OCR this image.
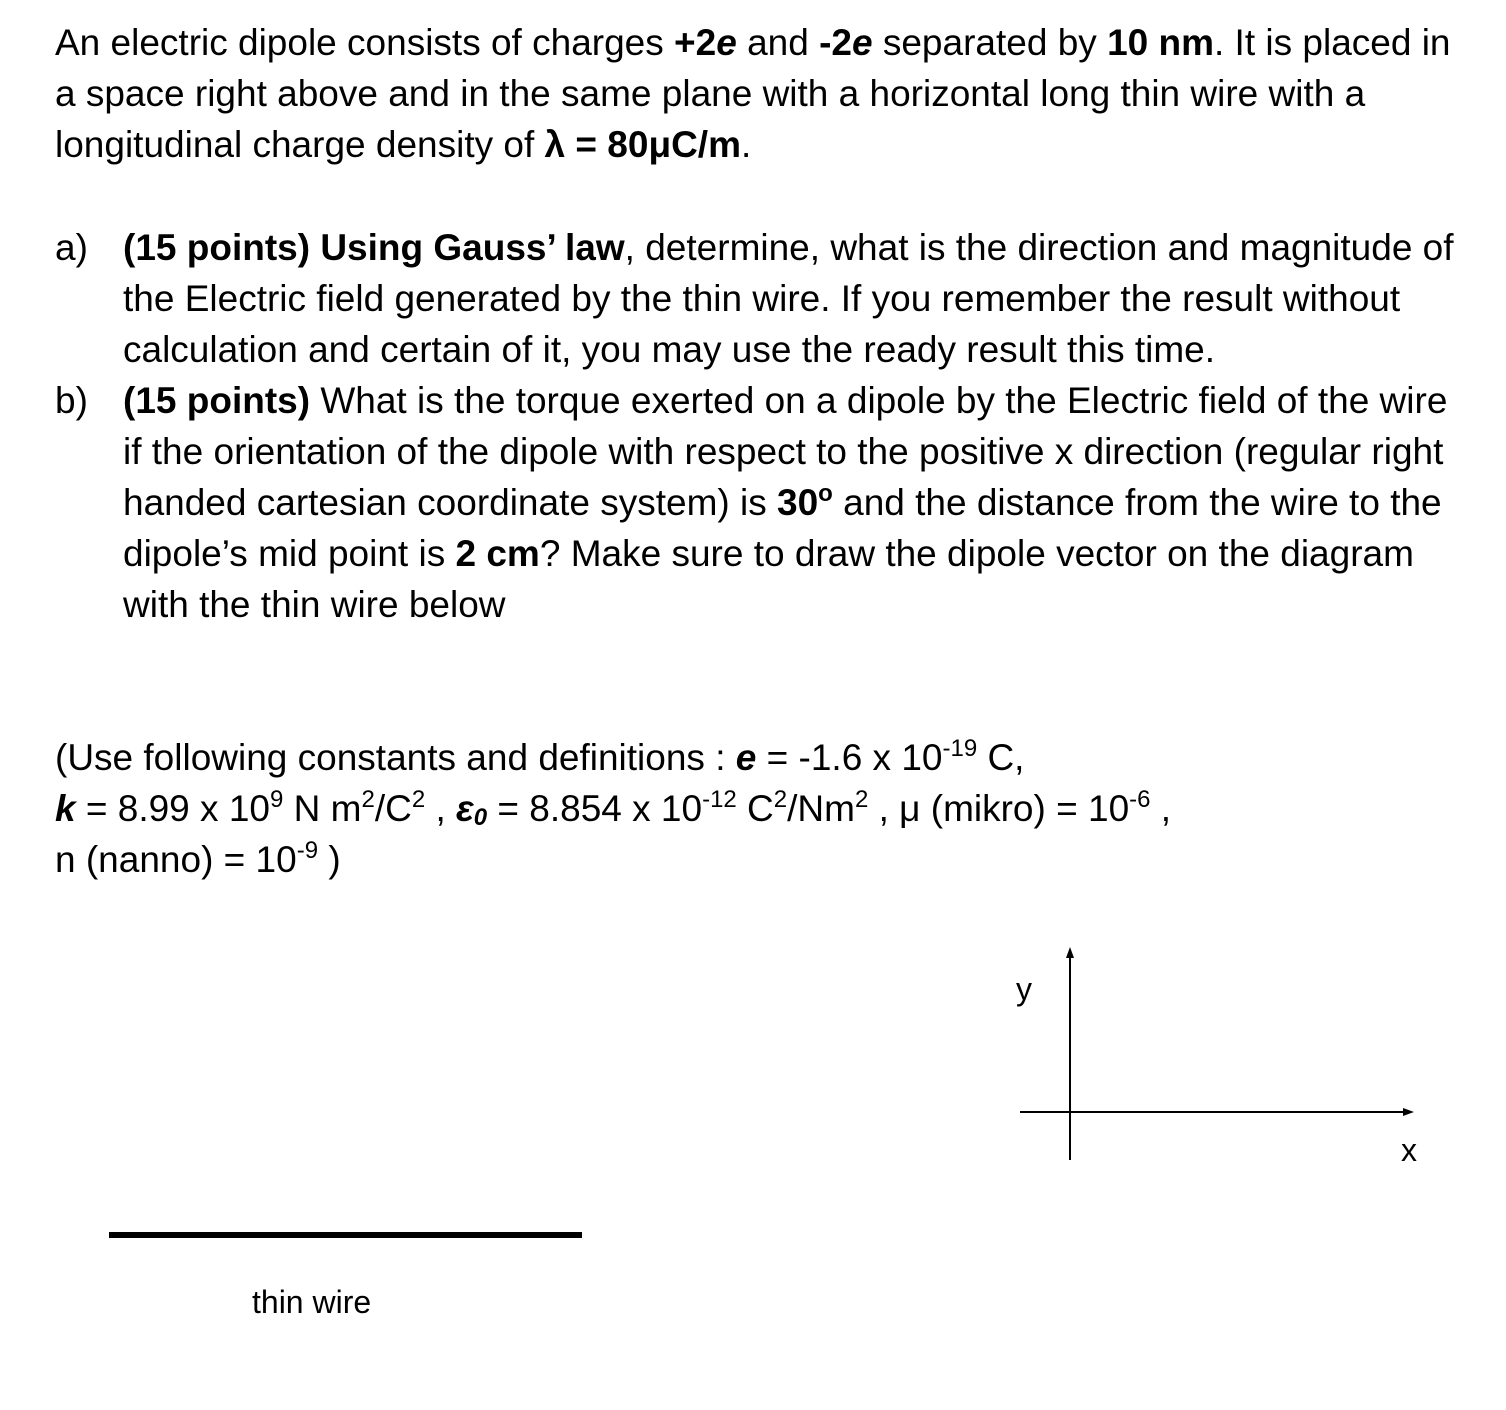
An electric dipole consists of charges +2e and -2e separated by 10 nm. It is placed in a space right above and in the same plane with a horizontal long thin wire with a longitudinal charge density of λ = 80μC/m.

a) (15 points) Using Gauss’ law, determine, what is the direction and magnitude of the Electric field generated by the thin wire. If you remember the result without calculation and certain of it, you may use the ready result this time.
b) (15 points) What is the torque exerted on a dipole by the Electric field of the wire if the orientation of the dipole with respect to the positive x direction (regular right handed cartesian coordinate system) is 30$^o$ and the distance from the wire to the dipole’s mid point is 2 cm? Make sure to draw the dipole vector on the diagram with the thin wire below

(Use following constants and definitions : e = -1.6 x $10^{-19}$ C,
k = 8.99 x $10^9$ N $m^2/C^2$ , $\varepsilon_0 = 8.854$ x $10^{-12}$ $C^2/Nm^2$ , μ (mikro) = $10^{-6}$ ,
n (nanno) = $10^{-9}$ )

y
x
thin wire
